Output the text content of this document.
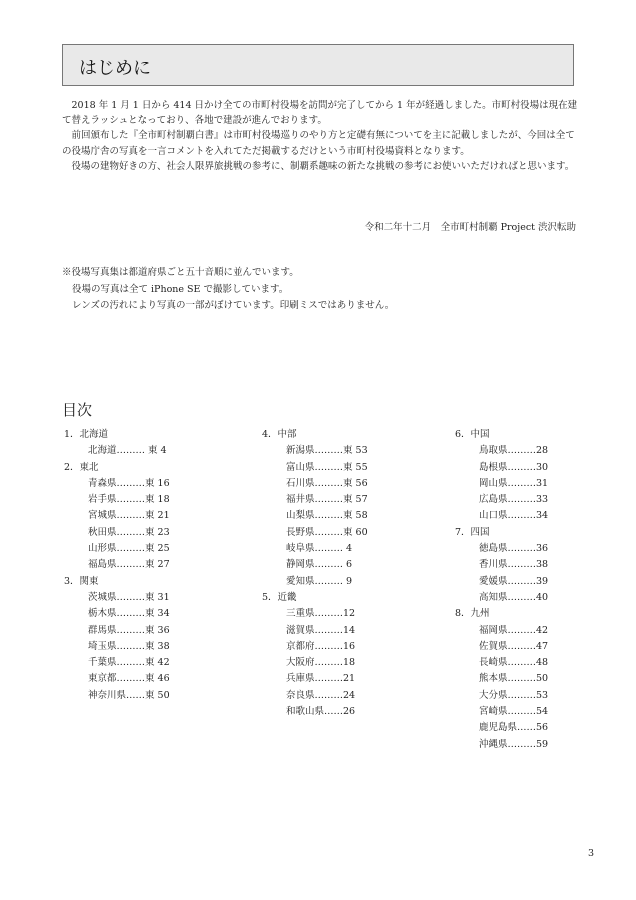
はじめに

2018 年 1 月 1 日から 414 日かけ全ての市町村役場を訪問が完了してから 1 年が経過しました。市町村役場は現在建て替えラッシュとなっており、各地で建設が進んでおります。

前回頒布した『全市町村制覇白書』は市町村役場巡りのやり方と定礎有無についてを主に記載しましたが、今回は全ての役場庁舎の写真を一言コメントを入れてただ掲載するだけという市町村役場資料となります。

役場の建物好きの方、社会人限界旅挑戦の参考に、制覇系趣味の新たな挑戦の参考にお使いいただければと思います。

令和二年十二月　全市町村制覇 Project 渋沢転助
※役場写真集は都道府県ごと五十音順に並んでいます。
役場の写真は全て iPhone SE で撮影しています。
レンズの汚れにより写真の一部がぼけています。印刷ミスではありません。
目次
1．北海道
北海道……… 東 4
2．東北
青森県………東 16
岩手県………東 18
宮城県………東 21
秋田県………東 23
山形県………東 25
福島県………東 27
3．関東
茨城県………東 31
栃木県………東 34
群馬県………東 36
埼玉県………東 38
千葉県………東 42
東京都………東 46
神奈川県……東 50
4．中部
新潟県………東 53
富山県………東 55
石川県………東 56
福井県………東 57
山梨県………東 58
長野県………東 60
岐阜県……… 4
静岡県……… 6
愛知県……… 9
5．近畿
三重県………12
滋賀県………14
京都府………16
大阪府………18
兵庫県………21
奈良県………24
和歌山県……26
6．中国
鳥取県………28
島根県………30
岡山県………31
広島県………33
山口県………34
7．四国
徳島県………36
香川県………38
愛媛県………39
高知県………40
8．九州
福岡県………42
佐賀県………47
長崎県………48
熊本県………50
大分県………53
宮崎県………54
鹿児島県……56
沖縄県………59
3
